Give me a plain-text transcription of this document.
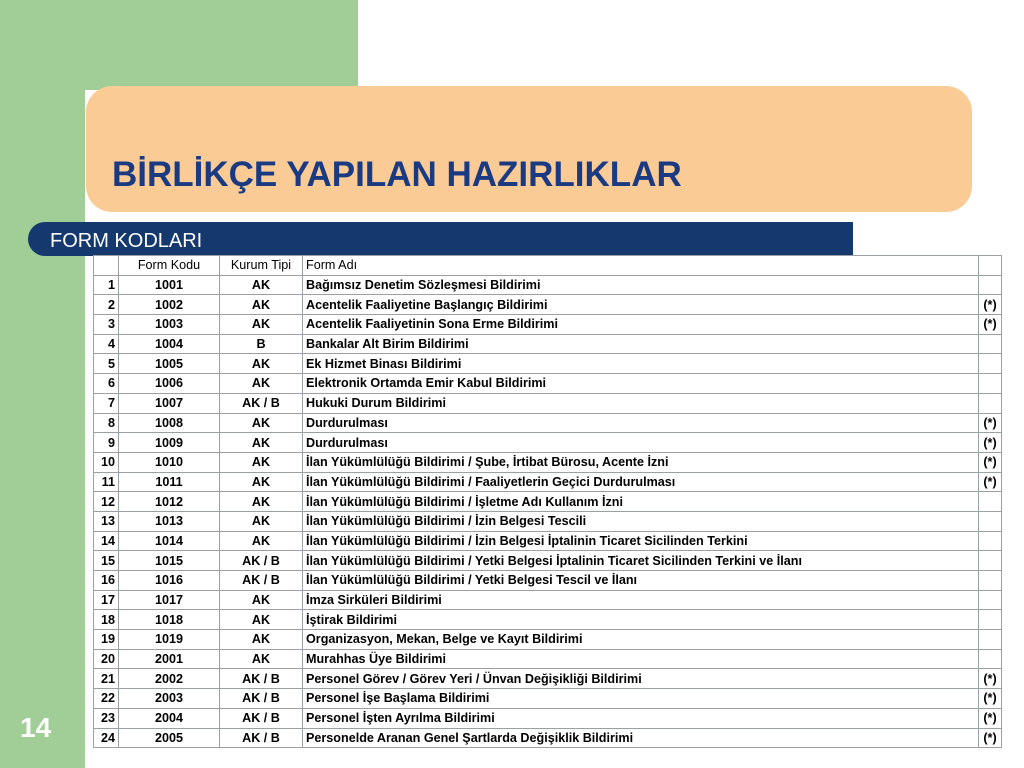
BİRLİKÇE YAPILAN HAZIRLIKLAR
FORM KODLARI
	Form Kodu	Kurum Tipi	Form Adı	
1	1001	AK	Bağımsız Denetim Sözleşmesi Bildirimi	
2	1002	AK	Acentelik Faaliyetine Başlangıç Bildirimi	(*)
3	1003	AK	Acentelik Faaliyetinin Sona Erme Bildirimi	(*)
4	1004	B	Bankalar Alt Birim Bildirimi	
5	1005	AK	Ek Hizmet Binası Bildirimi	
6	1006	AK	Elektronik Ortamda Emir Kabul Bildirimi	
7	1007	AK / B	Hukuki Durum Bildirimi	
8	1008	AK	Durdurulması	(*)
9	1009	AK	Durdurulması	(*)
10	1010	AK	İlan Yükümlülüğü Bildirimi / Şube, İrtibat Bürosu, Acente İzni	(*)
11	1011	AK	İlan Yükümlülüğü Bildirimi / Faaliyetlerin Geçici Durdurulması	(*)
12	1012	AK	İlan Yükümlülüğü Bildirimi / İşletme Adı Kullanım İzni	
13	1013	AK	İlan Yükümlülüğü Bildirimi / İzin Belgesi Tescili	
14	1014	AK	İlan Yükümlülüğü Bildirimi / İzin Belgesi İptalinin Ticaret Sicilinden Terkini	
15	1015	AK / B	İlan Yükümlülüğü Bildirimi / Yetki Belgesi İptalinin Ticaret Sicilinden Terkini ve İlanı	
16	1016	AK / B	İlan Yükümlülüğü Bildirimi / Yetki Belgesi Tescil ve İlanı	
17	1017	AK	İmza Sirküleri Bildirimi	
18	1018	AK	İştirak Bildirimi	
19	1019	AK	Organizasyon, Mekan, Belge ve Kayıt Bildirimi	
20	2001	AK	Murahhas Üye Bildirimi	
21	2002	AK / B	Personel Görev / Görev Yeri / Ünvan Değişikliği Bildirimi	(*)
22	2003	AK / B	Personel İşe Başlama Bildirimi	(*)
23	2004	AK / B	Personel İşten Ayrılma Bildirimi	(*)
24	2005	AK / B	Personelde Aranan Genel Şartlarda Değişiklik Bildirimi	(*)
14
